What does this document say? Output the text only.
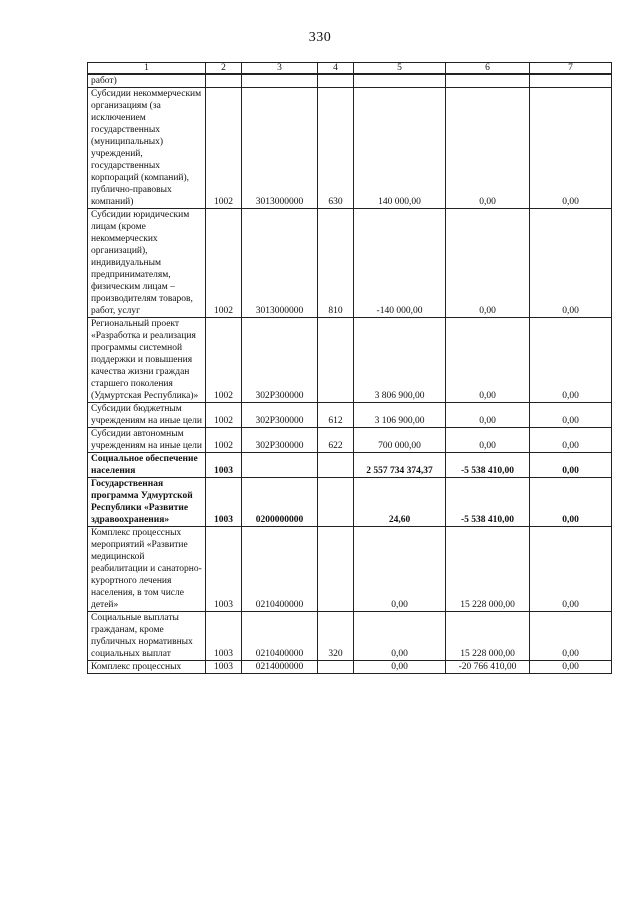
330
1	2	3	4	5	6	7
работ)						
Субсидии некоммерческим организациям (за исключением государственных (муниципальных) учреждений, государственных корпораций (компаний), публично-правовых компаний)	1002	3013000000	630	140 000,00	0,00	0,00
Субсидии юридическим лицам (кроме некоммерческих организаций), индивидуальным предпринимателям, физическим лицам – производителям товаров, работ, услуг	1002	3013000000	810	-140 000,00	0,00	0,00
Региональный проект «Разработка и реализация программы системной поддержки и повышения качества жизни граждан старшего поколения (Удмуртская Республика)»	1002	302P300000		3 806 900,00	0,00	0,00
Субсидии бюджетным учреждениям на иные цели	1002	302P300000	612	3 106 900,00	0,00	0,00
Субсидии автономным учреждениям на иные цели	1002	302P300000	622	700 000,00	0,00	0,00
Социальное обеспечение населения	1003			2 557 734 374,37	-5 538 410,00	0,00
Государственная программа Удмуртской Республики «Развитие здравоохранения»	1003	0200000000		24,60	-5 538 410,00	0,00
Комплекс процессных мероприятий «Развитие медицинской реабилитации и санаторно-курортного лечения населения, в том числе детей»	1003	0210400000		0,00	15 228 000,00	0,00
Социальные выплаты гражданам, кроме публичных нормативных социальных выплат	1003	0210400000	320	0,00	15 228 000,00	0,00
Комплекс процессных	1003	0214000000		0,00	-20 766 410,00	0,00
